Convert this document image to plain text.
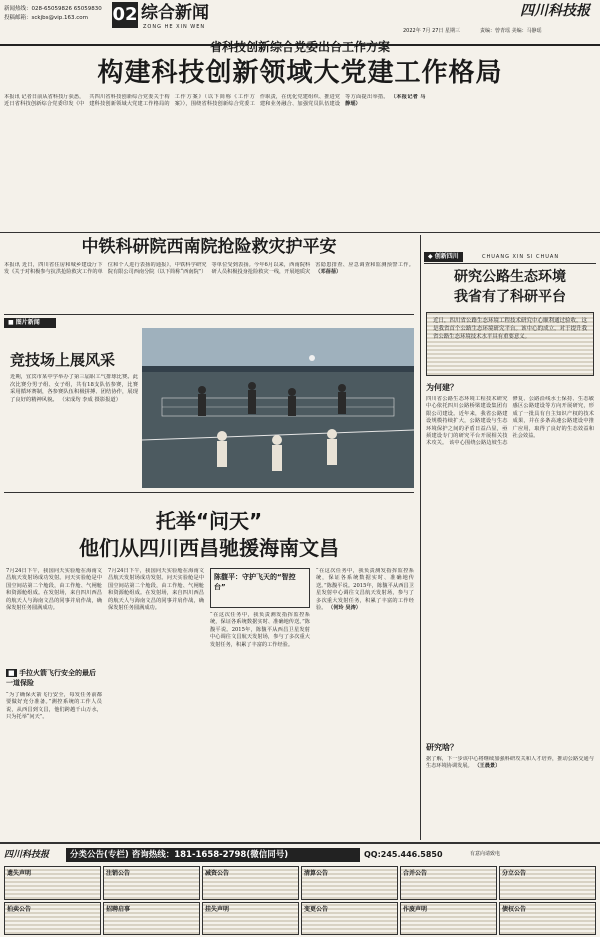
新闻热线：028-65059826 65059830
投稿邮箱：sckjbs@vip.163.com	02 综合新闻
ZONG HE XIN WEN
四川科技报
2022年 7月 27日 星期三	责编：曾青瑶 美编：马静瑶
省科技创新综合党委出台工作方案
构建科技创新领域大党建工作格局
本报讯 记者日前从省科技厅获悉，近日省科技创新综合党委印发《中共四川省科技创新综合党委关于构建科技创新领域大党建工作格局的工作方案》（以下简称《工作方案》），围绕省科技创新综合党委工作职责，在优化党建组织、推进党建和业务融合、加强党员队伍建设等方面提出举措。 （本报记者 马静瑶）
中铁科研院西南院抢险救灾护平安
本报讯 近日，四川省住房和城乡建设厅下发《关于对积极参与抗洪抢险救灾工作的单位和个人进行表扬的通报》，中铁科学研究院有限公司西南分院（以下简称“西南院”）等单位受到表扬。今年6月以来，西南院科研人员积极投身抢险救灾一线，开展地质灾害隐患排查、应急调查和监测预警工作。 （邓蓓蓓）
■ 图片新闻
竞技场上展风采
近期，宜宾市某中学举办了第三届职工气排球比赛。此次比赛分男子组、女子组，共有18支队伍参赛，比赛采用循环赛制，各参赛队伍积极拼搏、团结协作，展现了良好的精神风貌。 （宋成均 李成 摄影报道）
托举“问天”
他们从四川西昌驰援海南文昌
7月24日下午，我国问天实验舱在海南文昌航天发射场成功发射。问天实验舱是中国空间站第二个舱段，由工作舱、气闸舱和资源舱组成。在发射场，来自四川西昌的航天人与海南文昌的同事并肩作战，确保发射任务圆满成功。
■ 手拉火箭飞行安全的最后一道保险
“为了确保火箭飞行安全，每发任务前都要做好充分准备。”测控系统的工作人员说，从西昌到文昌，他们跨越千山万水，只为托举“问天”。
7月24日下午，我国问天实验舱在海南文昌航天发射场成功发射。问天实验舱是中国空间站第二个舱段，由工作舱、气闸舱和资源舱组成。在发射场，来自四川西昌的航天人与海南文昌的同事并肩作战，确保发射任务圆满成功。
陈馥平：守护飞天的“智控台”
“在这次任务中，我负责测发指挥监控系统，保证各系统数据实时、准确地传送。”陈馥平说。2015年，陈馥平从西昌卫星发射中心调往文昌航天发射场，参与了多次重大发射任务，积累了丰富的工作经验。
“在这次任务中，我负责测发指挥监控系统，保证各系统数据实时、准确地传送。”陈馥平说。2015年，陈馥平从西昌卫星发射中心调往文昌航天发射场，参与了多次重大发射任务，积累了丰富的工作经验。 （何玲 吴涛）
◆ 创新四川	CHUANG XIN SI CHUAN
研究公路生态环境
我省有了科研平台
近日，四川省公路生态环境工程技术研究中心顺利通过验收，这是我省首个公路生态环境研究平台。该中心的成立，对于提升我省公路生态环境技术水平具有重要意义。
为何建？
四川省公路生态环境工程技术研究中心依托四川公路桥梁建设集团有限公司建设。近年来，我省公路建设规模持续扩大，公路建设与生态环境保护之间的矛盾日益凸显，亟须建设专门的研究平台开展相关技术攻关。 该中心围绕公路边坡生态修复、公路沿线水土保持、生态敏感区公路建设等方向开展研究，形成了一批具有自主知识产权的技术成果，并在多条高速公路建设中推广应用，取得了良好的生态效益和社会效益。
研究啥？
据了解，下一步该中心将继续加强科研攻关和人才培养，推动公路交通与生态环境协调发展。 （王晨景）
四川科技报	分类公告(专栏) 咨询热线：181-1658-2798(微信同号)	QQ:245.446.5850	有意向请致电
遗失声明	注销公告	减资公告	清算公告	合并公告	分立公告
拍卖公告	招聘启事	挂失声明	变更公告	作废声明	债权公告
